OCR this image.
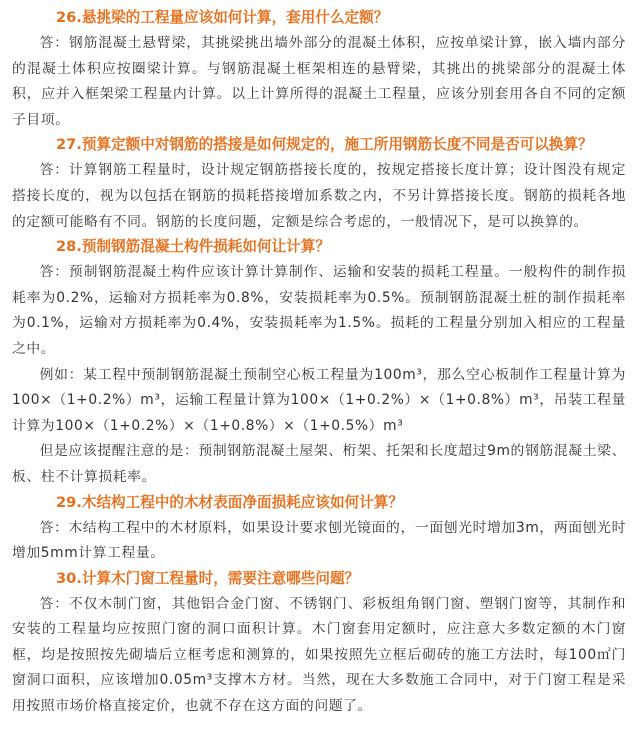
26.悬挑梁的工程量应该如何计算，套用什么定额？

答：钢筋混凝土悬臂梁，其挑梁挑出墙外部分的混凝土体积，应按单梁计算，嵌入墙内部分的混凝土体积应按圈梁计算。与钢筋混凝土框架相连的悬臂梁，其挑出的挑梁部分的混凝土体积，应并入框架梁工程量内计算。以上计算所得的混凝土工程量，应该分别套用各自不同的定额子目项。

27.预算定额中对钢筋的搭接是如何规定的，施工所用钢筋长度不同是否可以换算？

答：计算钢筋工程量时，设计规定钢筋搭接长度的，按规定搭接长度计算；设计图没有规定搭接长度的，视为以包括在钢筋的损耗搭接增加系数之内，不另计算搭接长度。钢筋的损耗各地的定额可能略有不同。钢筋的长度问题，定额是综合考虑的，一般情况下，是可以换算的。

28.预制钢筋混凝土构件损耗如何让计算？

答：预制钢筋混凝土构件应该计算计算制作、运输和安装的损耗工程量。一般构件的制作损耗率为0.2%，运输对方损耗率为0.8%，安装损耗率为0.5%。预制钢筋混凝土桩的制作损耗率为0.1%，运输对方损耗率为0.4%，安装损耗率为1.5%。损耗的工程量分别加入相应的工程量之中。

例如：某工程中预制钢筋混凝土预制空心板工程量为100m³，那么空心板制作工程量计算为100×（1+0.2%）m³，运输工程量计算为100×（1+0.2%）×（1+0.8%）m³，吊装工程量计算为100×（1+0.2%）×（1+0.8%）×（1+0.5%）m³

但是应该提醒注意的是：预制钢筋混凝土屋架、桁架、托架和长度超过9m的钢筋混凝土梁、板、柱不计算损耗率。

29.木结构工程中的木材表面净面损耗应该如何计算？

答：木结构工程中的木材原料，如果设计要求刨光镜面的，一面刨光时增加3m，两面刨光时增加5mm计算工程量。

30.计算木门窗工程量时，需要注意哪些问题？

答：不仅木制门窗，其他铝合金门窗、不锈钢门、彩板组角钢门窗、塑钢门窗等，其制作和安装的工程量均应按照门窗的洞口面积计算。木门窗套用定额时，应注意大多数定额的木门窗框，均是按照按先砌墙后立框考虑和测算的，如果按照先立框后砌砖的施工方法时，每100㎡门窗洞口面积，应该增加0.05m³支撑木方材。当然，现在大多数施工合同中，对于门窗工程是采用按照市场价格直接定价，也就不存在这方面的问题了。
